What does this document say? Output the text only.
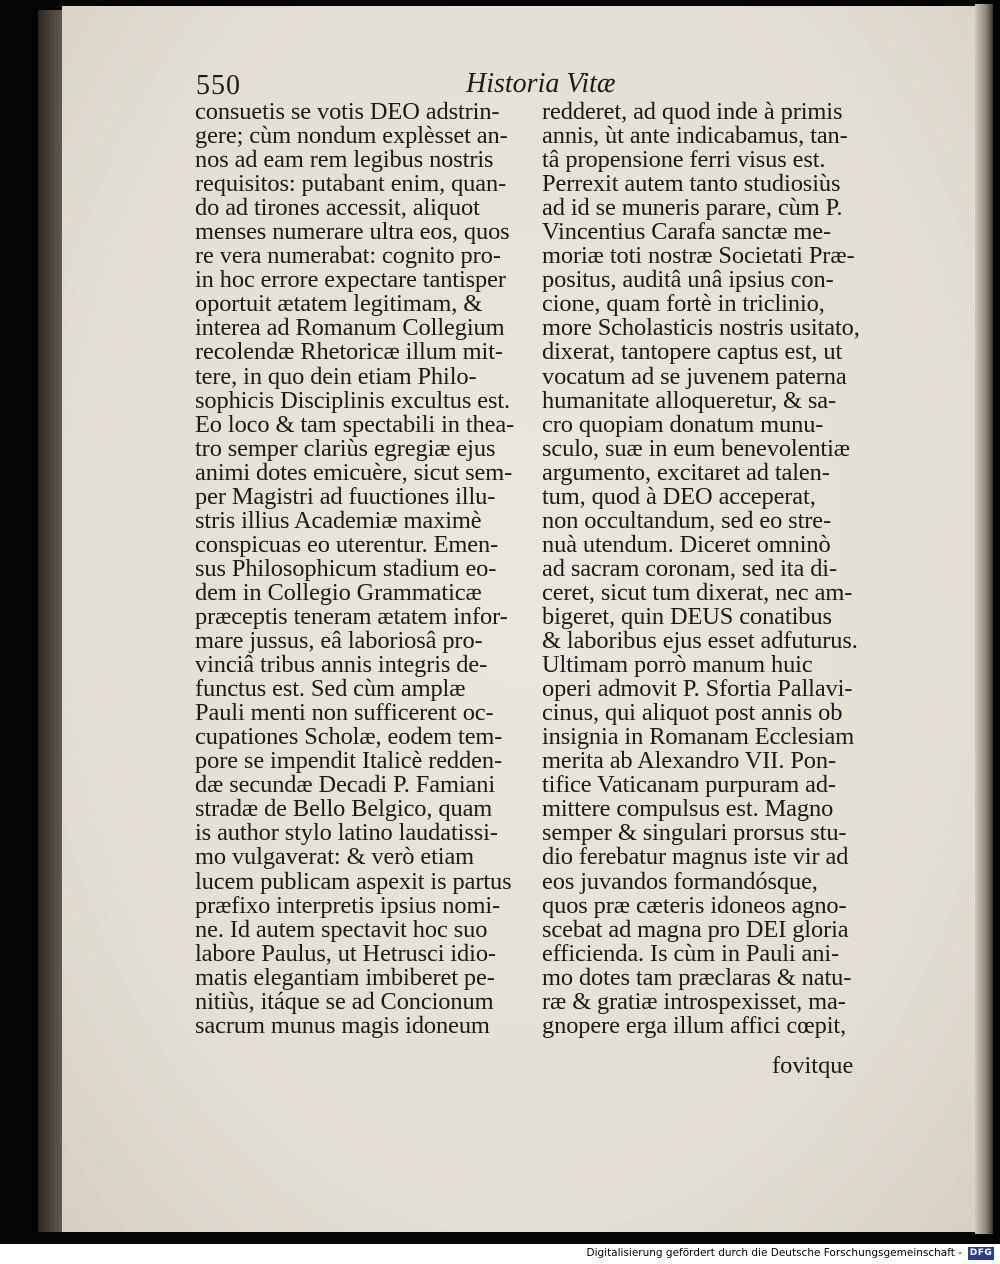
550	Historia Vitæ
consuetis se votis DEO adstrin-
gere; cùm nondum explèsset an-
nos ad eam rem legibus nostris
requisitos: putabant enim, quan-
do ad tirones accessit, aliquot
menses numerare ultra eos, quos
re vera numerabat: cognito pro-
in hoc errore expectare tantisper
oportuit ætatem legitimam, &
interea ad Romanum Collegium
recolendæ Rhetoricæ illum mit-
tere, in quo dein etiam Philo-
sophicis Disciplinis excultus est.
Eo loco & tam spectabili in thea-
tro semper clariùs egregiæ ejus
animi dotes emicuère, sicut sem-
per Magistri ad fuuctiones illu-
stris illius Academiæ maximè
conspicuas eo uterentur. Emen-
sus Philosophicum stadium eo-
dem in Collegio Grammaticæ
præceptis teneram ætatem infor-
mare jussus, eâ laboriosâ pro-
vinciâ tribus annis integris de-
functus est. Sed cùm amplæ
Pauli menti non sufficerent oc-
cupationes Scholæ, eodem tem-
pore se impendit Italicè redden-
dæ secundæ Decadi P. Famiani
stradæ de Bello Belgico, quam
is author stylo latino laudatissi-
mo vulgaverat: & verò etiam
lucem publicam aspexit is partus
præfixo interpretis ipsius nomi-
ne. Id autem spectavit hoc suo
labore Paulus, ut Hetrusci idio-
matis elegantiam imbiberet pe-
nitiùs, itáque se ad Concionum
sacrum munus magis idoneum
redderet, ad quod inde à primis
annis, ùt ante indicabamus, tan-
tâ propensione ferri visus est.
Perrexit autem tanto studiosiùs
ad id se muneris parare, cùm P.
Vincentius Carafa sanctæ me-
moriæ toti nostræ Societati Præ-
positus, auditâ unâ ipsius con-
cione, quam fortè in triclinio,
more Scholasticis nostris usitato,
dixerat, tantopere captus est, ut
vocatum ad se juvenem paterna
humanitate alloqueretur, & sa-
cro quopiam donatum munu-
sculo, suæ in eum benevolentiæ
argumento, excitaret ad talen-
tum, quod à DEO acceperat,
non occultandum, sed eo stre-
nuà utendum. Diceret omninò
ad sacram coronam, sed ita di-
ceret, sicut tum dixerat, nec am-
bigeret, quin DEUS conatibus
& laboribus ejus esset adfuturus.
Ultimam porrò manum huic
operi admovit P. Sfortia Pallavi-
cinus, qui aliquot post annis ob
insignia in Romanam Ecclesiam
merita ab Alexandro VII. Pon-
tifice Vaticanam purpuram ad-
mittere compulsus est. Magno
semper & singulari prorsus stu-
dio ferebatur magnus iste vir ad
eos juvandos formandósque,
quos præ cæteris idoneos agno-
scebat ad magna pro DEI gloria
efficienda. Is cùm in Pauli ani-
mo dotes tam præclaras & natu-
ræ & gratiæ introspexisset, ma-
gnopere erga illum affici cœpit,
fovitque
Digitalisierung gefördert durch die Deutsche Forschungsgemeinschaft - DFG
